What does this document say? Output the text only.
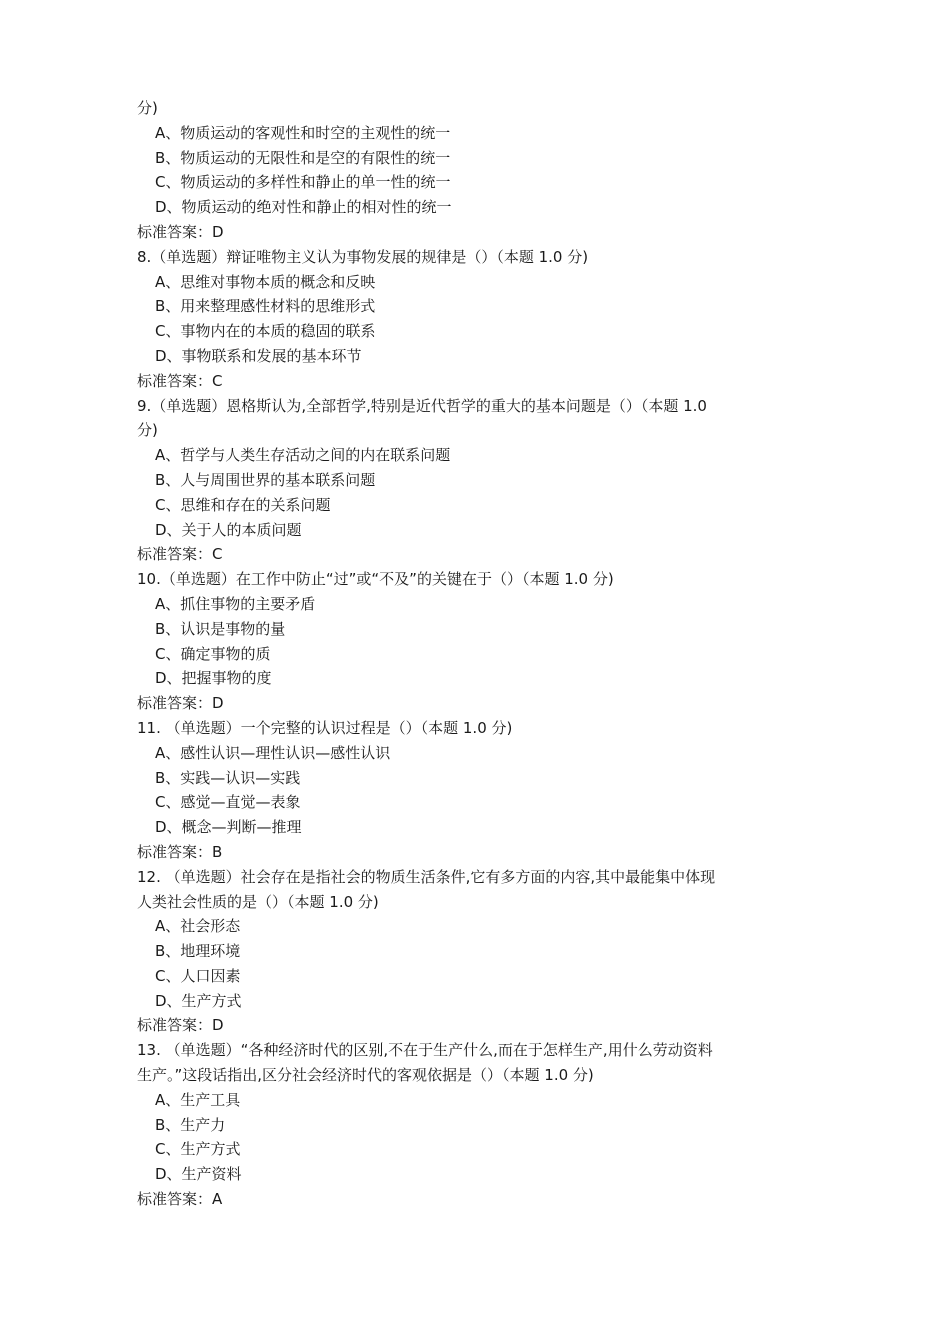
分)
A、物质运动的客观性和时空的主观性的统一
B、物质运动的无限性和是空的有限性的统一
C、物质运动的多样性和静止的单一性的统一
D、物质运动的绝对性和静止的相对性的统一
标准答案：D
8.（单选题）辩证唯物主义认为事物发展的规律是（）（本题 1.0 分)
A、思维对事物本质的概念和反映
B、用来整理感性材料的思维形式
C、事物内在的本质的稳固的联系
D、事物联系和发展的基本环节
标准答案：C
9.（单选题）恩格斯认为,全部哲学,特别是近代哲学的重大的基本问题是（）（本题 1.0
分)
A、哲学与人类生存活动之间的内在联系问题
B、人与周围世界的基本联系问题
C、思维和存在的关系问题
D、关于人的本质问题
标准答案：C
10.（单选题）在工作中防止“过”或“不及”的关键在于（）（本题 1.0 分)
A、抓住事物的主要矛盾
B、认识是事物的量
C、确定事物的质
D、把握事物的度
标准答案：D
11. （单选题）一个完整的认识过程是（）（本题 1.0 分)
A、感性认识—理性认识—感性认识
B、实践—认识—实践
C、感觉—直觉—表象
D、概念—判断—推理
标准答案：B
12. （单选题）社会存在是指社会的物质生活条件,它有多方面的内容,其中最能集中体现
人类社会性质的是（）（本题 1.0 分)
A、社会形态
B、地理环境
C、人口因素
D、生产方式
标准答案：D
13. （单选题）“各种经济时代的区别,不在于生产什么,而在于怎样生产,用什么劳动资料
生产。”这段话指出,区分社会经济时代的客观依据是（）（本题 1.0 分)
A、生产工具
B、生产力
C、生产方式
D、生产资料
标准答案：A
